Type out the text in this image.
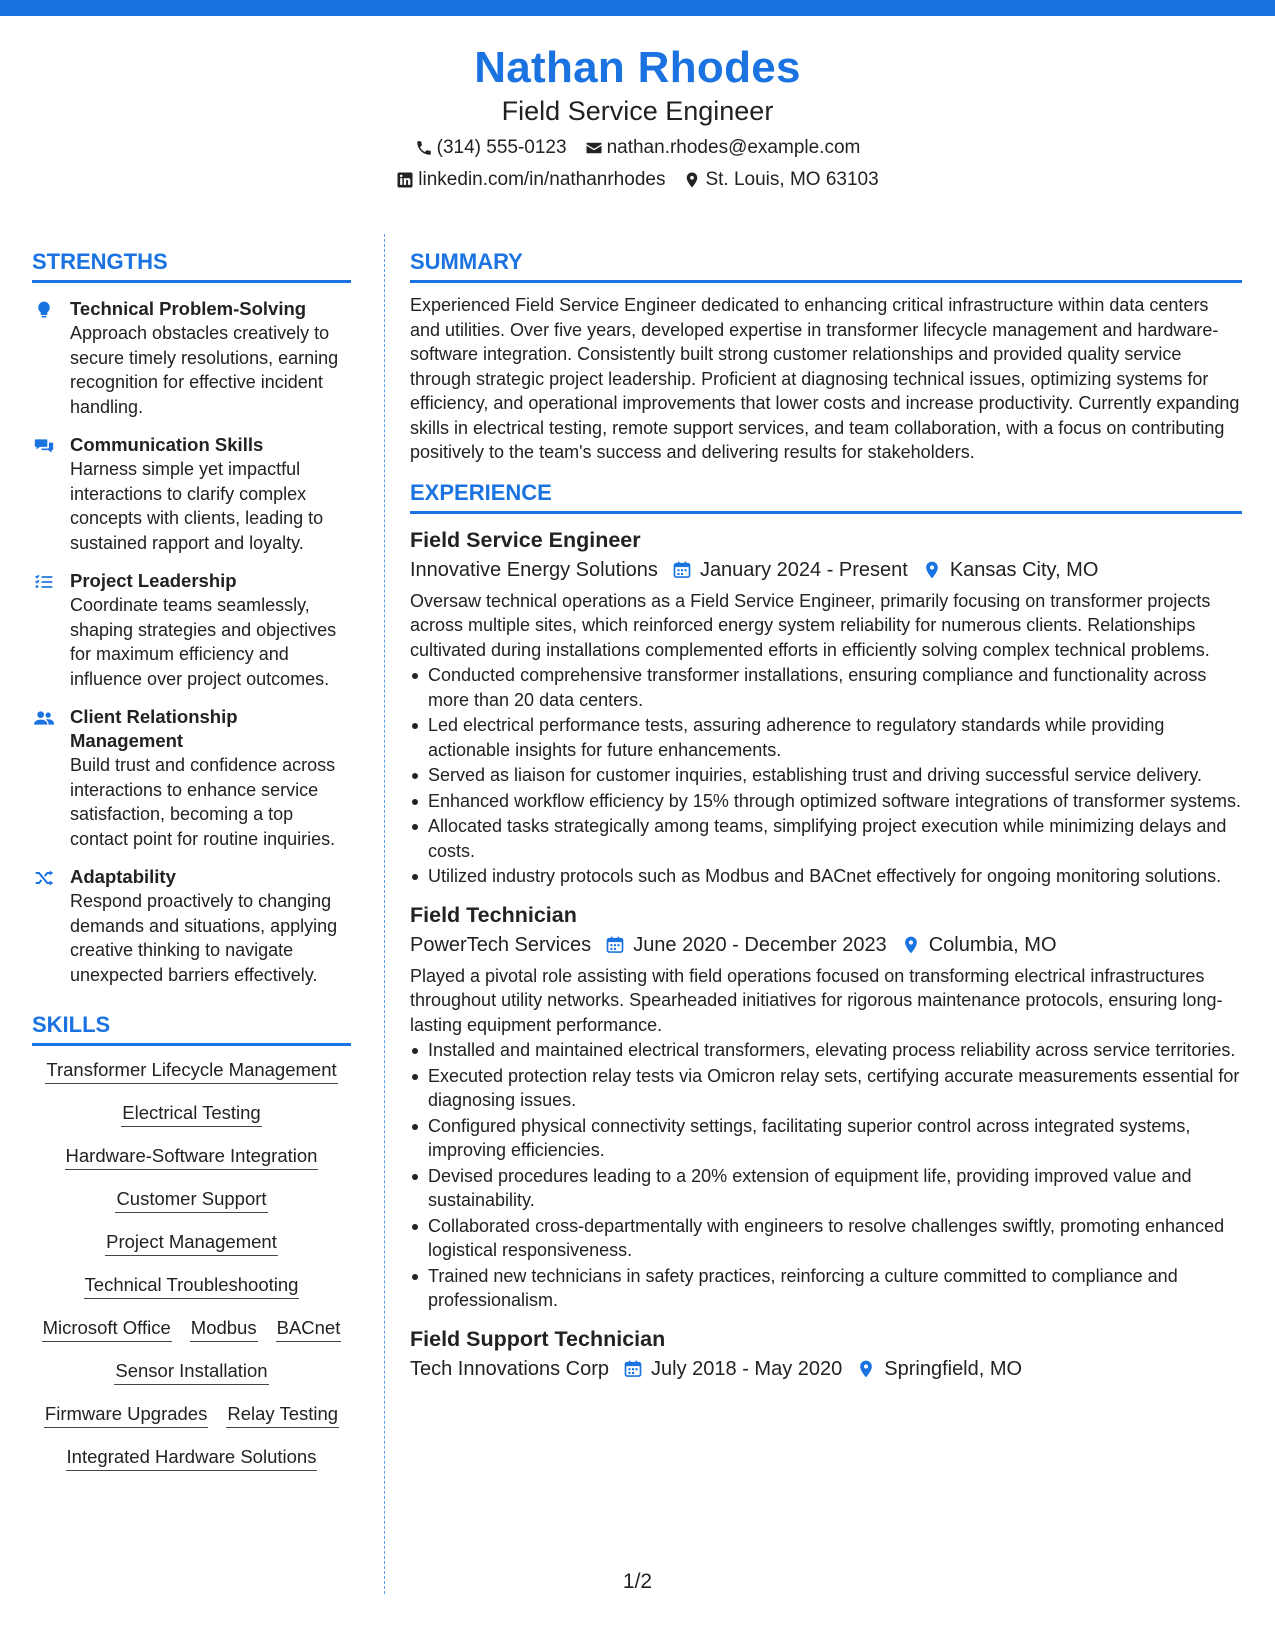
Nathan Rhodes
Field Service Engineer
(314) 555-0123 nathan.rhodes@example.com
linkedin.com/in/nathanrhodes St. Louis, MO 63103
STRENGTHS
Technical Problem-Solving
Approach obstacles creatively to secure timely resolutions, earning recognition for effective incident handling.
Communication Skills
Harness simple yet impactful interactions to clarify complex concepts with clients, leading to sustained rapport and loyalty.
Project Leadership
Coordinate teams seamlessly, shaping strategies and objectives for maximum efficiency and influence over project outcomes.
Client Relationship Management
Build trust and confidence across interactions to enhance service satisfaction, becoming a top contact point for routine inquiries.
Adaptability
Respond proactively to changing demands and situations, applying creative thinking to navigate unexpected barriers effectively.
SKILLS
Transformer Lifecycle Management
Electrical Testing
Hardware-Software Integration
Customer Support
Project Management
Technical Troubleshooting
Microsoft Office Modbus BACnet
Sensor Installation
Firmware Upgrades Relay Testing
Integrated Hardware Solutions
SUMMARY
Experienced Field Service Engineer dedicated to enhancing critical infrastructure within data centers and utilities. Over five years, developed expertise in transformer lifecycle management and hardware-software integration. Consistently built strong customer relationships and provided quality service through strategic project leadership. Proficient at diagnosing technical issues, optimizing systems for efficiency, and operational improvements that lower costs and increase productivity. Currently expanding skills in electrical testing, remote support services, and team collaboration, with a focus on contributing positively to the team's success and delivering results for stakeholders.
EXPERIENCE
Field Service Engineer
Innovative Energy Solutions January 2024 - Present Kansas City, MO
Oversaw technical operations as a Field Service Engineer, primarily focusing on transformer projects across multiple sites, which reinforced energy system reliability for numerous clients. Relationships cultivated during installations complemented efforts in efficiently solving complex technical problems.
Conducted comprehensive transformer installations, ensuring compliance and functionality across more than 20 data centers.
Led electrical performance tests, assuring adherence to regulatory standards while providing actionable insights for future enhancements.
Served as liaison for customer inquiries, establishing trust and driving successful service delivery.
Enhanced workflow efficiency by 15% through optimized software integrations of transformer systems.
Allocated tasks strategically among teams, simplifying project execution while minimizing delays and costs.
Utilized industry protocols such as Modbus and BACnet effectively for ongoing monitoring solutions.
Field Technician
PowerTech Services June 2020 - December 2023 Columbia, MO
Played a pivotal role assisting with field operations focused on transforming electrical infrastructures throughout utility networks. Spearheaded initiatives for rigorous maintenance protocols, ensuring long-lasting equipment performance.
Installed and maintained electrical transformers, elevating process reliability across service territories.
Executed protection relay tests via Omicron relay sets, certifying accurate measurements essential for diagnosing issues.
Configured physical connectivity settings, facilitating superior control across integrated systems, improving efficiencies.
Devised procedures leading to a 20% extension of equipment life, providing improved value and sustainability.
Collaborated cross-departmentally with engineers to resolve challenges swiftly, promoting enhanced logistical responsiveness.
Trained new technicians in safety practices, reinforcing a culture committed to compliance and professionalism.
Field Support Technician
Tech Innovations Corp July 2018 - May 2020 Springfield, MO
1/2
